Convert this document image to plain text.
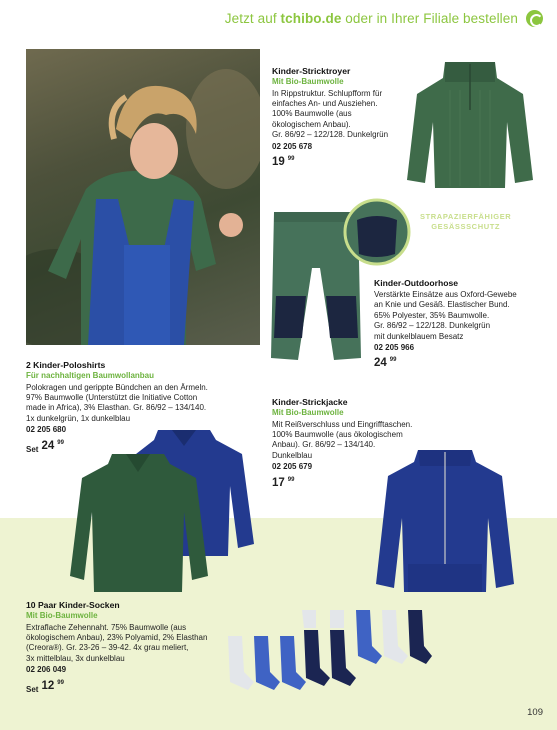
Jetzt auf tchibo.de oder in Ihrer Filiale bestellen
Kinder-Stricktroyer
Mit Bio-Baumwolle
In Rippstruktur. Schlupfform für
einfaches An- und Ausziehen.
100% Baumwolle (aus
ökologischem Anbau).
Gr. 86/92 – 122/128. Dunkelgrün
02 205 678
19 99
STRAPAZIERFÄHIGER
GESÄSSSCHUTZ
Kinder-Outdoorhose
Verstärkte Einsätze aus Oxford-Gewebe
an Knie und Gesäß. Elastischer Bund.
65% Polyester, 35% Baumwolle.
Gr. 86/92 – 122/128. Dunkelgrün
mit dunkelblauem Besatz
02 205 966
24 99
2 Kinder-Poloshirts
Für nachhaltigen Baumwollanbau
Polokragen und gerippte Bündchen an den Ärmeln.
97% Baumwolle (Unterstützt die Initiative Cotton
made in Africa), 3% Elasthan. Gr. 86/92 – 134/140.
1x dunkelgrün, 1x dunkelblau
02 205 680
Set 24 99
Kinder-Strickjacke
Mit Bio-Baumwolle
Mit Reißverschluss und Eingrifftaschen.
100% Baumwolle (aus ökologischem
Anbau). Gr. 86/92 – 134/140.
Dunkelblau
02 205 679
17 99
10 Paar Kinder-Socken
Mit Bio-Baumwolle
Extraflache Zehennaht. 75% Baumwolle (aus
ökologischem Anbau), 23% Polyamid, 2% Elasthan
(Creora®). Gr. 23-26 – 39-42. 4x grau meliert,
3x mittelblau, 3x dunkelblau
02 206 049
Set 12 99
109
